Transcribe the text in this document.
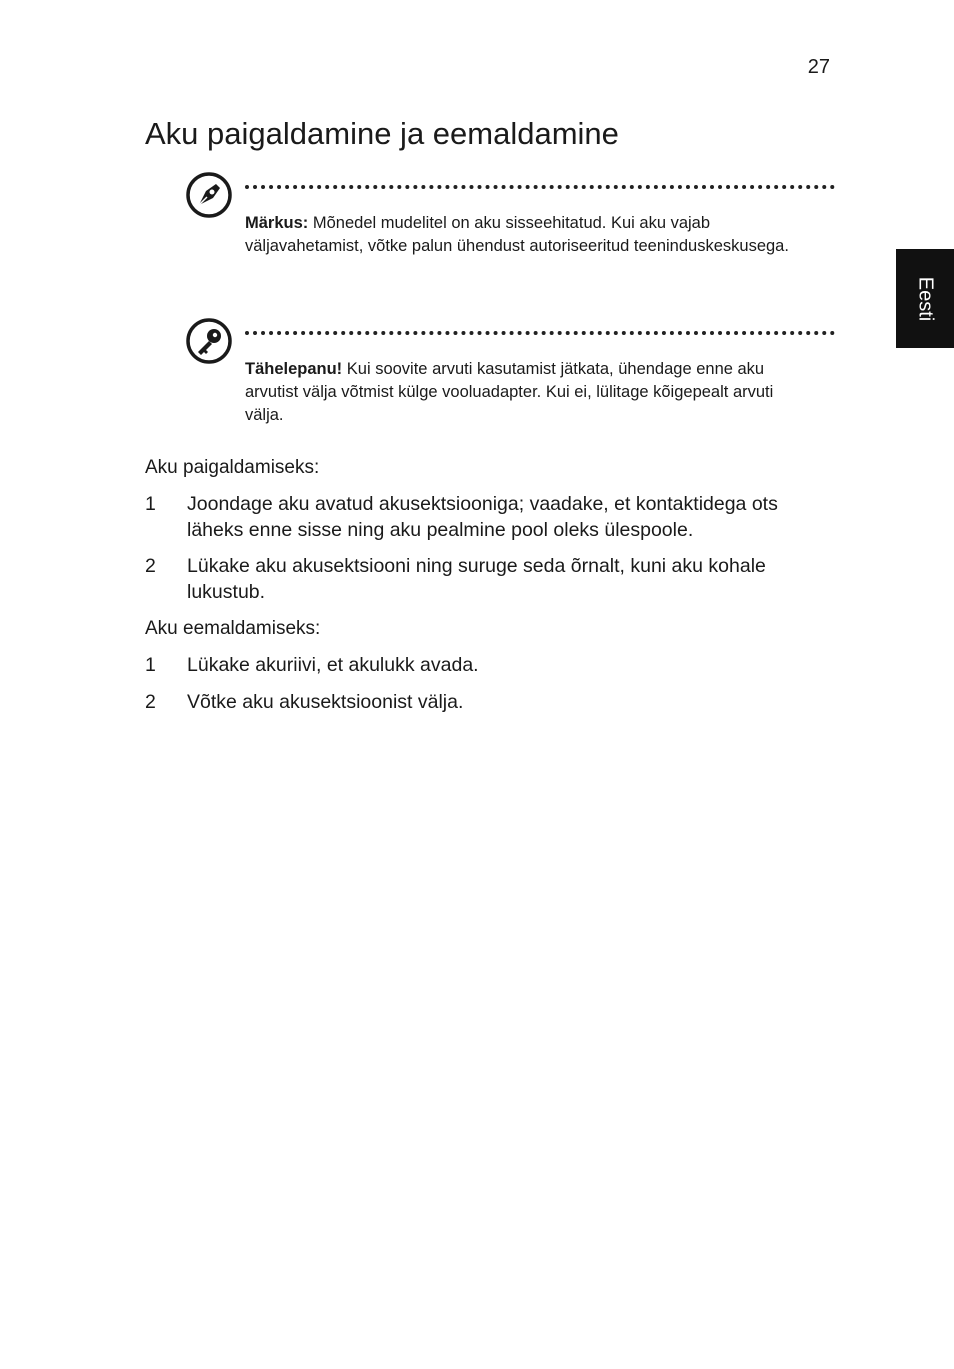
27
Eesti
Aku paigaldamine ja eemaldamine
Märkus: Mõnedel mudelitel on aku sisseehitatud. Kui aku vajab väljavahetamist, võtke palun ühendust autoriseeritud teeninduskeskusega.
Tähelepanu! Kui soovite arvuti kasutamist jätkata, ühendage enne aku arvutist välja võtmist külge vooluadapter. Kui ei, lülitage kõigepealt arvuti välja.
Aku paigaldamiseks:
1	Joondage aku avatud akusektsiooniga; vaadake, et kontaktidega ots läheks enne sisse ning aku pealmine pool oleks ülespoole.
2	Lükake aku akusektsiooni ning suruge seda õrnalt, kuni aku kohale lukustub.
Aku eemaldamiseks:
1	Lükake akuriivi, et akulukk avada.
2	Võtke aku akusektsioonist välja.
